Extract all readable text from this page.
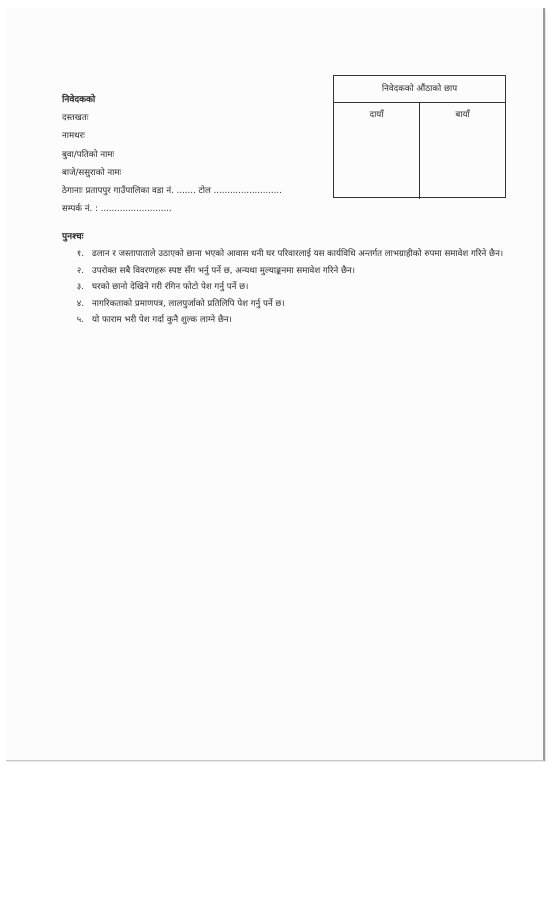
निवेदकको
दस्तखतः
नामथरः
बुवा/पतिको नामः
बाजे/ससुराको नामः
ठेगानाः प्रतापपुर गाउँपालिका वडा नं. ....... टोल .........................
सम्पर्क नं. : ..........................
निवेदकको औंठाको छाप
दायाँ	बायाँ
पुनश्चः
१. ढलान र जस्तापाताले उठाएको छाना भएको आवास धनी घर परिवारलाई यस कार्यविधि अन्तर्गत लाभग्राहीको रुपमा समावेश गरिने छैन।
२. उपरोक्त सबै विवरणहरू स्पष्ट सँग भर्नु पर्ने छ, अन्यथा मुल्याङ्कनमा समावेश गरिने छैन।
३. घरको छानो देखिने गरी रंगिन फोटो पेश गर्नु पर्ने छ।
४. नागरिकताको प्रमाणपत्र, लालपुर्जाको प्रतिलिपि पेश गर्नु पर्ने छ।
५. यो फाराम भरी पेश गर्दा कुनै शुल्क लाग्ने छैन।
